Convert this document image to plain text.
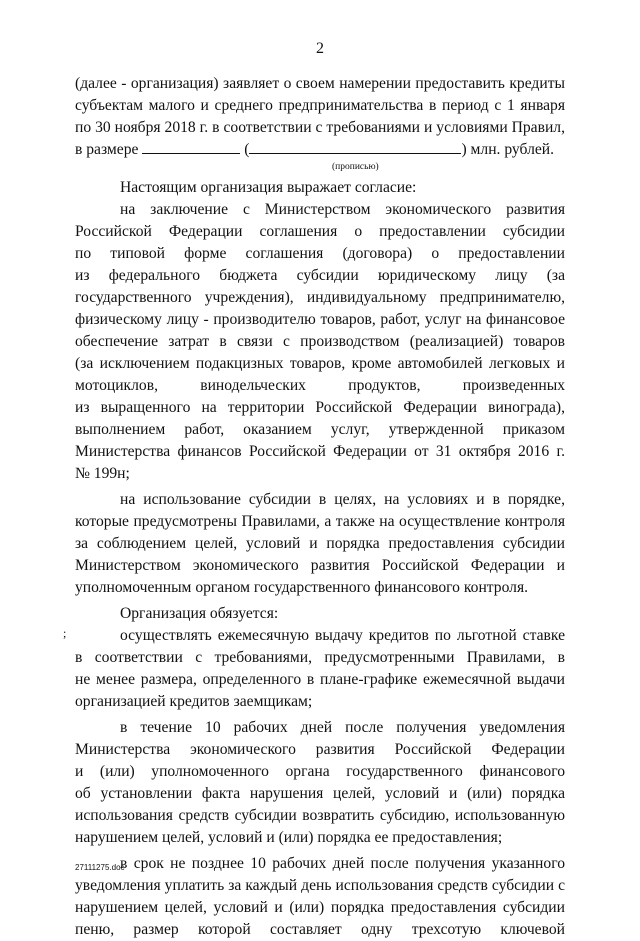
2
(далее - организация) заявляет о своем намерении предоставить кредиты
субъектам малого и среднего предпринимательства в период с 1 января
по 30 ноября 2018 г. в соответствии с требованиями и условиями Правил,
в размере	(	) млн. рублей.
(прописью)
Настоящим организация выражает согласие:
на заключение с Министерством экономического развития
Российской Федерации соглашения о предоставлении субсидии
по типовой форме соглашения (договора) о предоставлении
из федерального бюджета субсидии юридическому лицу (за
государственного учреждения), индивидуальному предпринимателю,
физическому лицу - производителю товаров, работ, услуг на финансовое
обеспечение затрат в связи с производством (реализацией) товаров
(за исключением подакцизных товаров, кроме автомобилей легковых и
мотоциклов, винодельческих продуктов, произведенных
из выращенного на территории Российской Федерации винограда),
выполнением работ, оказанием услуг, утвержденной приказом
Министерства финансов Российской Федерации от 31 октября 2016 г.
№ 199н;
на использование субсидии в целях, на условиях и в порядке,
которые предусмотрены Правилами, а также на осуществление контроля
за соблюдением целей, условий и порядка предоставления субсидии
Министерством экономического развития Российской Федерации и
уполномоченным органом государственного финансового контроля.
Организация обязуется:
осуществлять ежемесячную выдачу кредитов по льготной ставке
в соответствии с требованиями, предусмотренными Правилами, в
не менее размера, определенного в плане-графике ежемесячной выдачи
организацией кредитов заемщикам;
в течение 10 рабочих дней после получения уведомления
Министерства экономического развития Российской Федерации
и (или) уполномоченного органа государственного финансового
об установлении факта нарушения целей, условий и (или) порядка
использования средств субсидии возвратить субсидию, использованную
нарушением целей, условий и (или) порядка ее предоставления;
в срок не позднее 10 рабочих дней после получения указанного
уведомления уплатить за каждый день использования средств субсидии с
нарушением целей, условий и (или) порядка предоставления субсидии
пеню, размер которой составляет одну трехсотую ключевой
;
27111275.doc
